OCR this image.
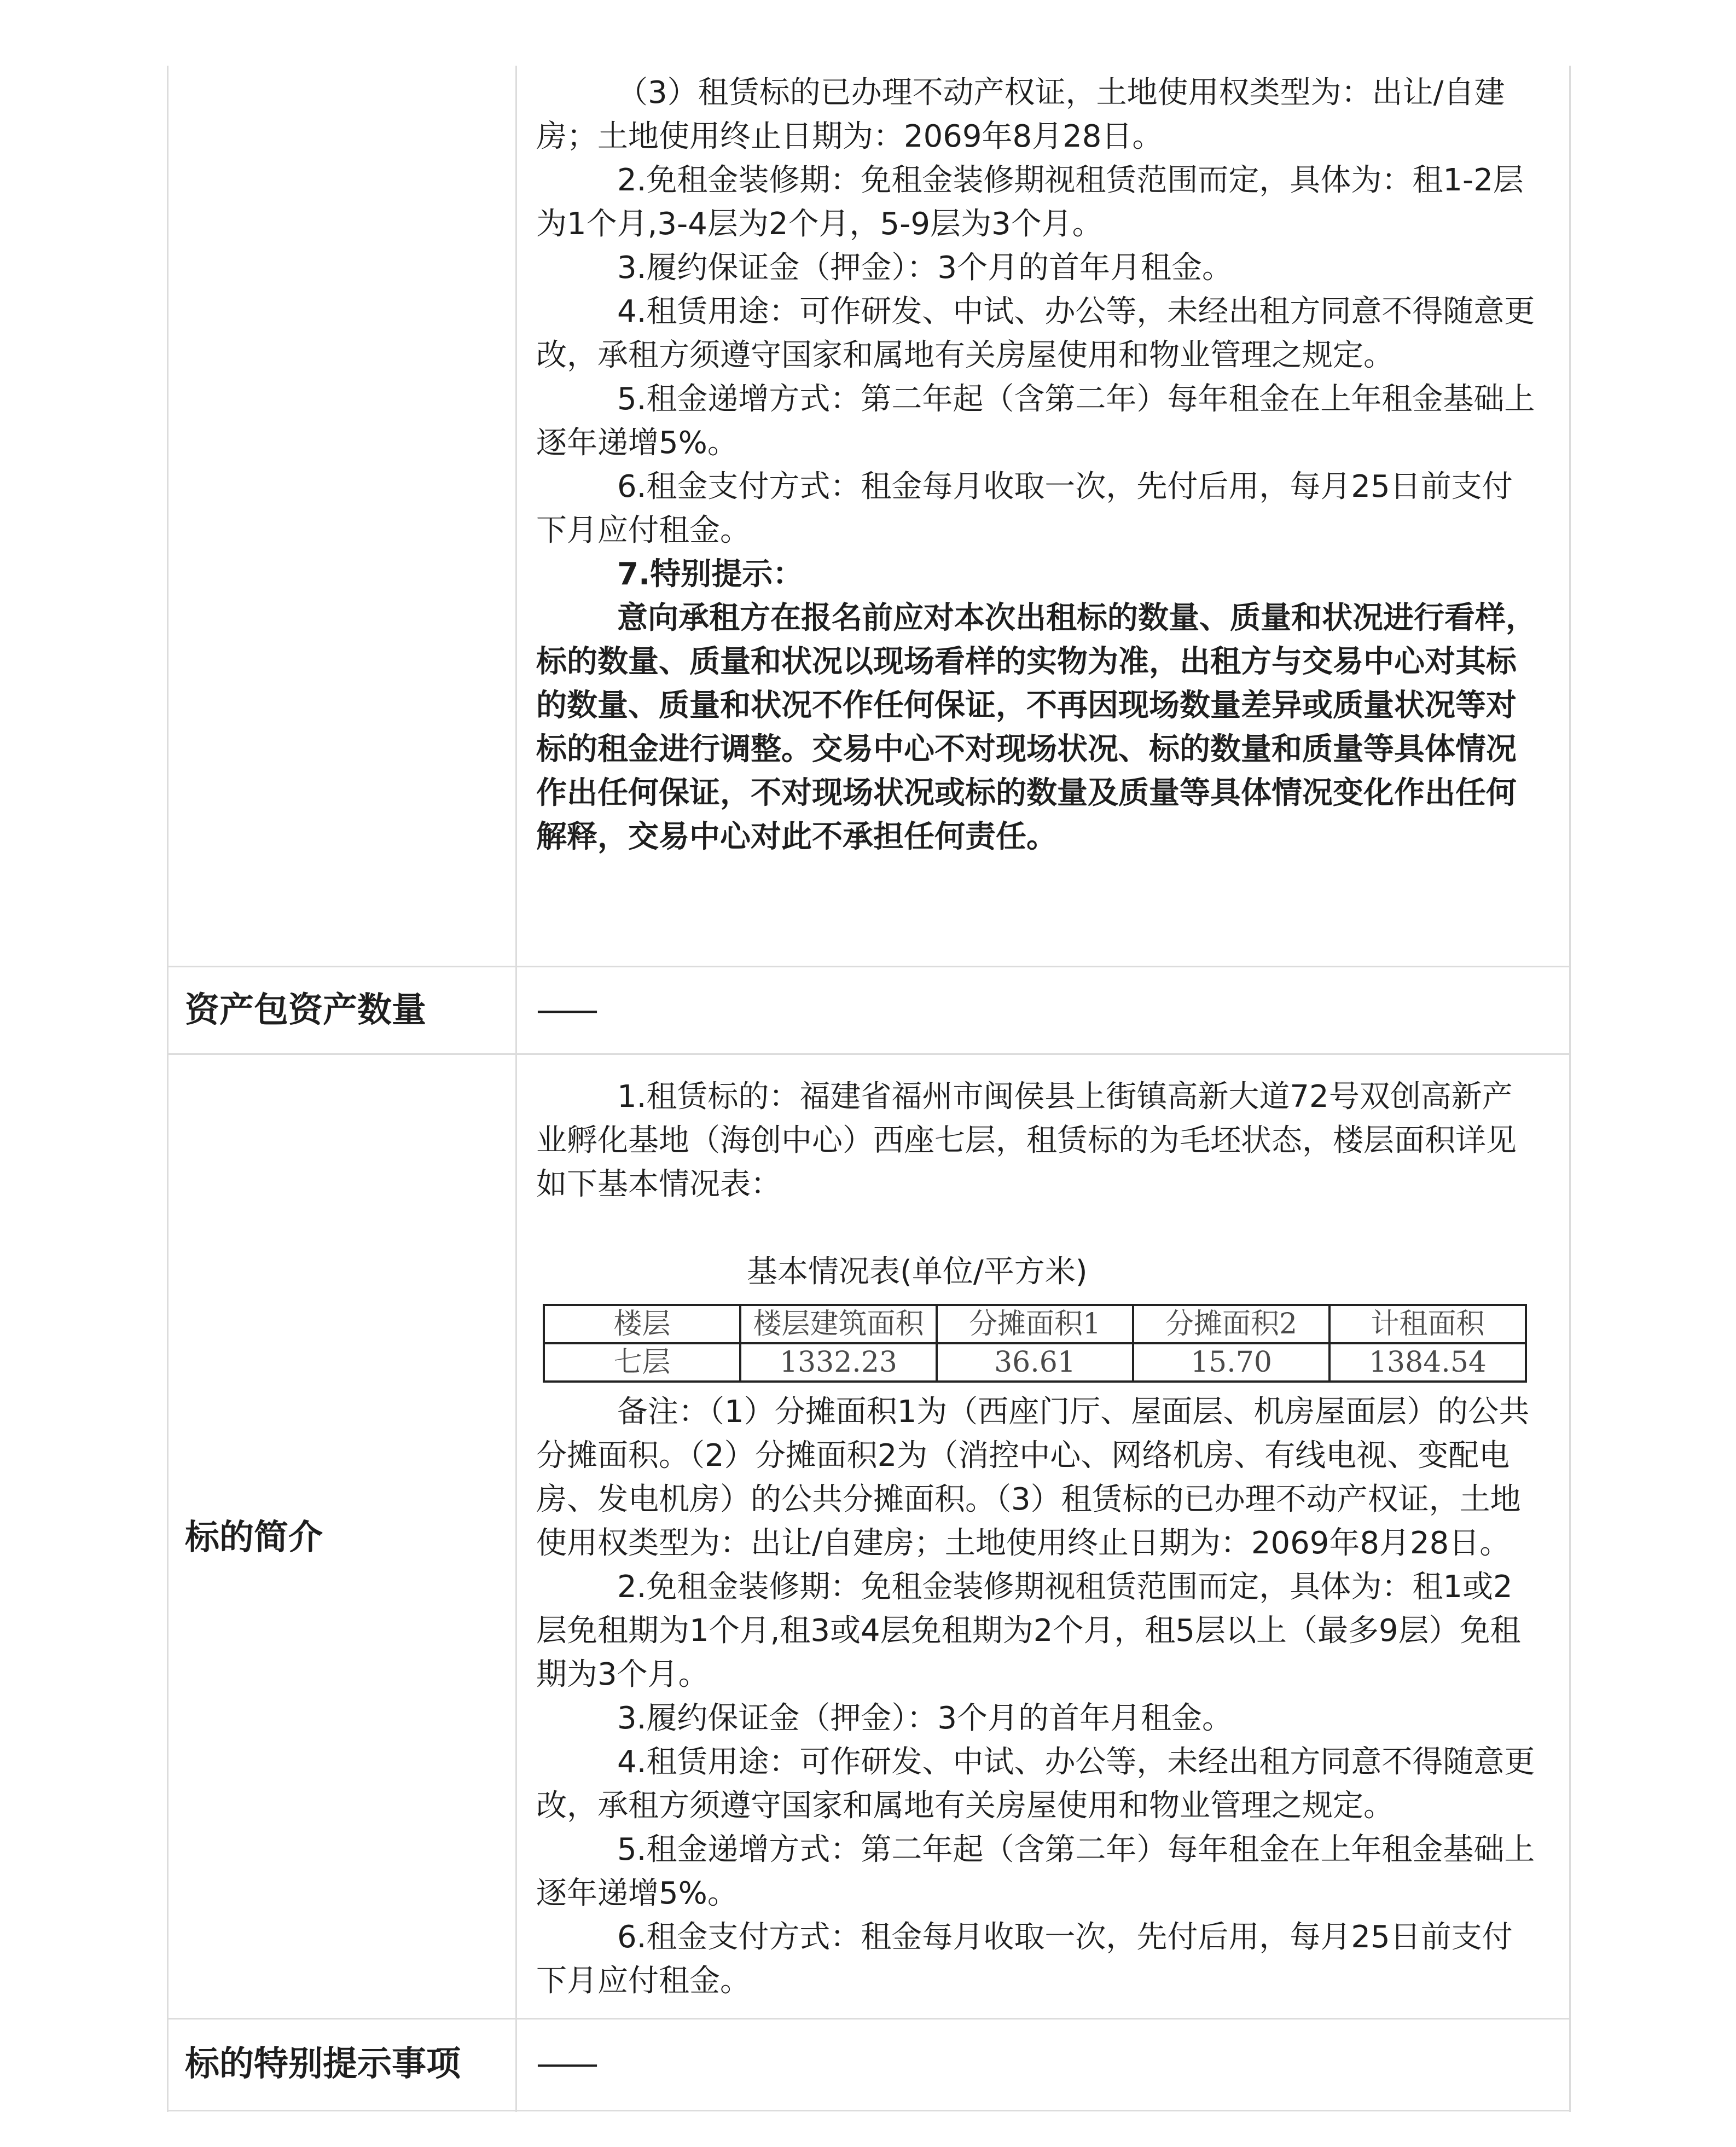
（3）租赁标的已办理不动产权证，土地使用权类型为：出让/自建房；土地使用终止日期为：2069年8月28日。

2.免租金装修期：免租金装修期视租赁范围而定，具体为：租1-2层为1个月,3-4层为2个月，5-9层为3个月。

3.履约保证金（押金）：3个月的首年月租金。

4.租赁用途：可作研发、中试、办公等，未经出租方同意不得随意更改，承租方须遵守国家和属地有关房屋使用和物业管理之规定。

5.租金递增方式：第二年起（含第二年）每年租金在上年租金基础上逐年递增5%。

6.租金支付方式：租金每月收取一次，先付后用，每月25日前支付下月应付租金。

7.特别提示：

意向承租方在报名前应对本次出租标的数量、质量和状况进行看样，标的数量、质量和状况以现场看样的实物为准，出租方与交易中心对其标的数量、质量和状况不作任何保证，不再因现场数量差异或质量状况等对标的租金进行调整。交易中心不对现场状况、标的数量和质量等具体情况作出任何保证，不对现场状况或标的数量及质量等具体情况变化作出任何解释，交易中心对此不承担任何责任。

资产包资产数量	——
标的简介

1.租赁标的：福建省福州市闽侯县上街镇高新大道72号双创高新产业孵化基地（海创中心）西座七层，租赁标的为毛坯状态，楼层面积详见如下基本情况表：

基本情况表(单位/平方米)

楼层	楼层建筑面积	分摊面积1	分摊面积2	计租面积
七层	1332.23	36.61	15.70	1384.54

备注：（1）分摊面积1为（西座门厅、屋面层、机房屋面层）的公共分摊面积。（2）分摊面积2为（消控中心、网络机房、有线电视、变配电房、发电机房）的公共分摊面积。（3）租赁标的已办理不动产权证，土地使用权类型为：出让/自建房；土地使用终止日期为：2069年8月28日。

2.免租金装修期：免租金装修期视租赁范围而定，具体为：租1或2层免租期为1个月,租3或4层免租期为2个月，租5层以上（最多9层）免租期为3个月。

3.履约保证金（押金）：3个月的首年月租金。

4.租赁用途：可作研发、中试、办公等，未经出租方同意不得随意更改，承租方须遵守国家和属地有关房屋使用和物业管理之规定。

5.租金递增方式：第二年起（含第二年）每年租金在上年租金基础上逐年递增5%。

6.租金支付方式：租金每月收取一次，先付后用，每月25日前支付下月应付租金。

标的特别提示事项 ——
